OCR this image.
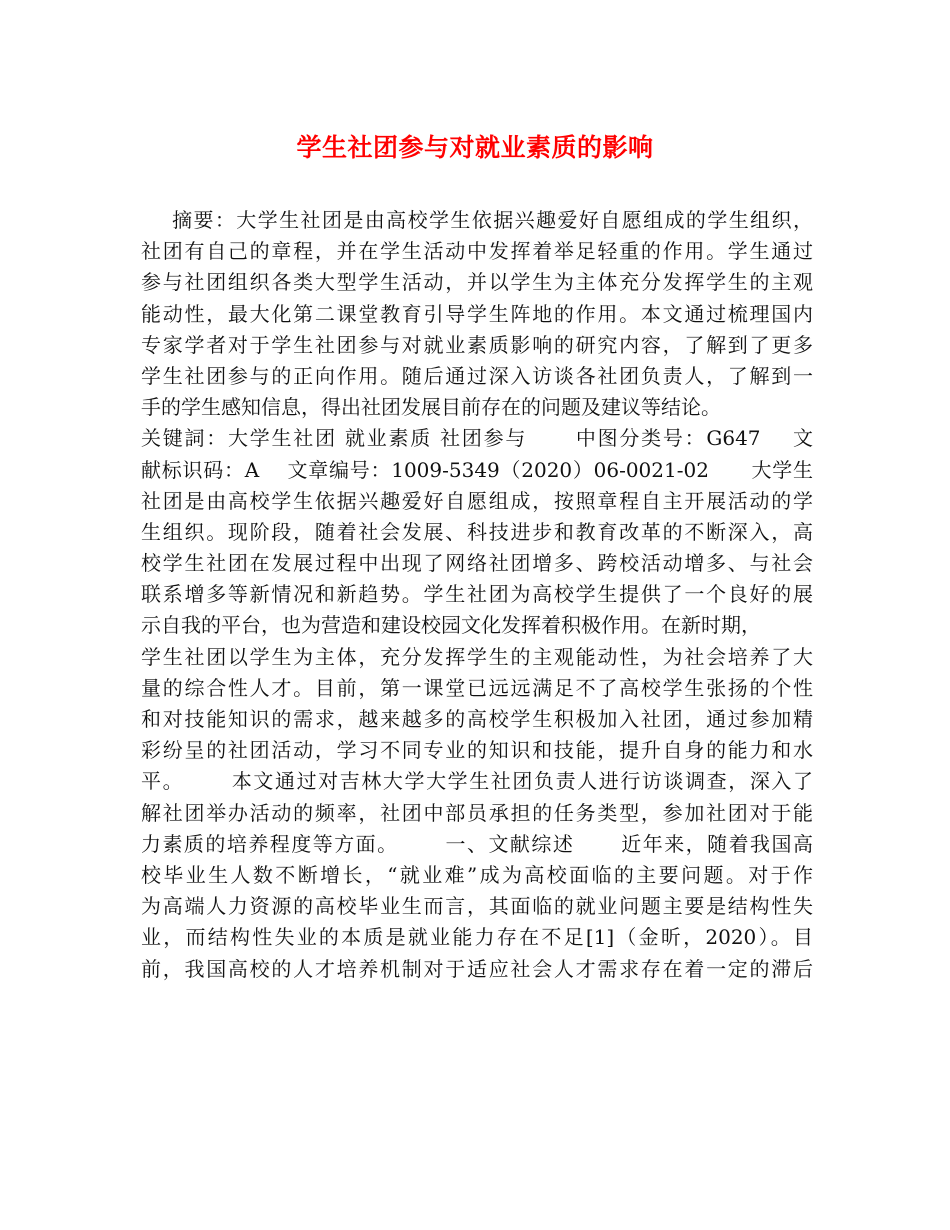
学生社团参与对就业素质的影响
摘要：大学生社团是由高校学生依据兴趣爱好自愿组成的学生组织，
社团有自己的章程，并在学生活动中发挥着举足轻重的作用。学生通过
参与社团组织各类大型学生活动，并以学生为主体充分发挥学生的主观
能动性，最大化第二课堂教育引导学生阵地的作用。本文通过梳理国内
专家学者对于学生社团参与对就业素质影响的研究内容，了解到了更多
学生社团参与的正向作用。随后通过深入访谈各社团负责人，了解到一
手的学生感知信息，得出社团发展目前存在的问题及建议等结论。
关键詞：大学生社团 就业素质 社团参与      中图分类号：G647    文
献标识码：A    文章编号：1009-5349（2020）06-0021-02      大学生
社团是由高校学生依据兴趣爱好自愿组成，按照章程自主开展活动的学
生组织。现阶段，随着社会发展、科技进步和教育改革的不断深入，高
校学生社团在发展过程中出现了网络社团增多、跨校活动增多、与社会
联系增多等新情况和新趋势。学生社团为高校学生提供了一个良好的展
示自我的平台，也为营造和建设校园文化发挥着积极作用。在新时期，
学生社团以学生为主体，充分发挥学生的主观能动性，为社会培养了大
量的综合性人才。目前，第一课堂已远远满足不了高校学生张扬的个性
和对技能知识的需求，越来越多的高校学生积极加入社团，通过参加精
彩纷呈的社团活动，学习不同专业的知识和技能，提升自身的能力和水
平。      本文通过对吉林大学大学生社团负责人进行访谈调查，深入了
解社团举办活动的频率，社团中部员承担的任务类型，参加社团对于能
力素质的培养程度等方面。      一、文献综述      近年来，随着我国高
校毕业生人数不断增长，“就业难”成为高校面临的主要问题。对于作
为高端人力资源的高校毕业生而言，其面临的就业问题主要是结构性失
业，而结构性失业的本质是就业能力存在不足[1]（金昕，2020）。目
前，我国高校的人才培养机制对于适应社会人才需求存在着一定的滞后
